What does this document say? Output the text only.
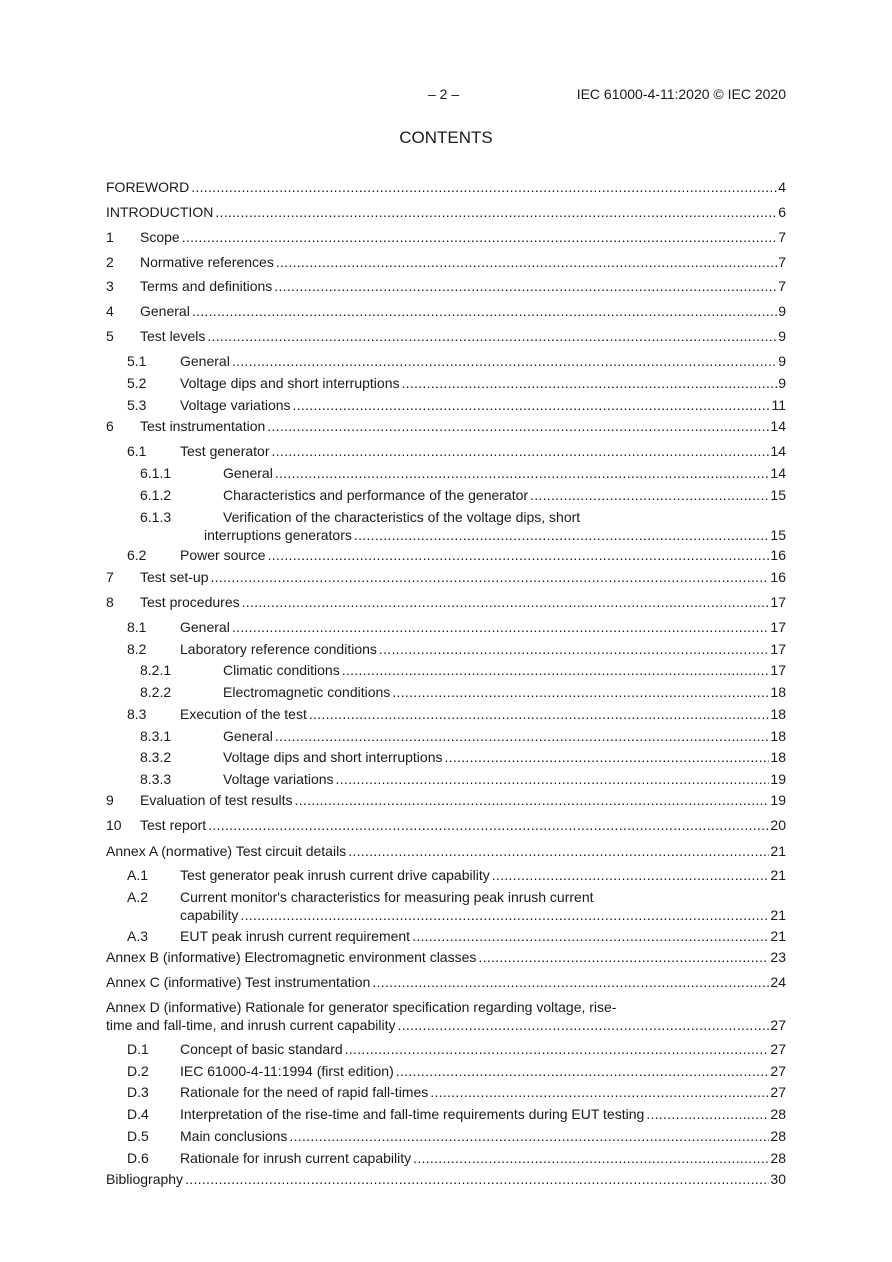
– 2 –	IEC 61000-4-11:2020 © IEC 2020
CONTENTS
FOREWORD .....	4
INTRODUCTION .....	6
1	Scope .....	7
2	Normative references .....	7
3	Terms and definitions .....	7
4	General .....	9
5	Test levels .....	9
5.1	General .....	9
5.2	Voltage dips and short interruptions .....	9
5.3	Voltage variations .....	11
6	Test instrumentation .....	14
6.1	Test generator .....	14
6.1.1	General .....	14
6.1.2	Characteristics and performance of the generator .....	15
6.1.3	Verification of the characteristics of the voltage dips, short
interruptions generators .....	15
6.2	Power source .....	16
7	Test set-up .....	16
8	Test procedures .....	17
8.1	General .....	17
8.2	Laboratory reference conditions .....	17
8.2.1	Climatic conditions .....	17
8.2.2	Electromagnetic conditions .....	18
8.3	Execution of the test .....	18
8.3.1	General .....	18
8.3.2	Voltage dips and short interruptions .....	18
8.3.3	Voltage variations .....	19
9	Evaluation of test results .....	19
10	Test report .....	20
Annex A (normative) Test circuit details .....	21
A.1	Test generator peak inrush current drive capability .....	21
A.2	Current monitor's characteristics for measuring peak inrush current
capability .....	21
A.3	EUT peak inrush current requirement .....	21
Annex B (informative) Electromagnetic environment classes .....	23
Annex C (informative) Test instrumentation .....	24
Annex D (informative) Rationale for generator specification regarding voltage, rise-
time and fall-time, and inrush current capability .....	27
D.1	Concept of basic standard .....	27
D.2	IEC 61000-4-11:1994 (first edition) .....	27
D.3	Rationale for the need of rapid fall-times .....	27
D.4	Interpretation of the rise-time and fall-time requirements during EUT testing .....	28
D.5	Main conclusions .....	28
D.6	Rationale for inrush current capability .....	28
Bibliography .....	30
